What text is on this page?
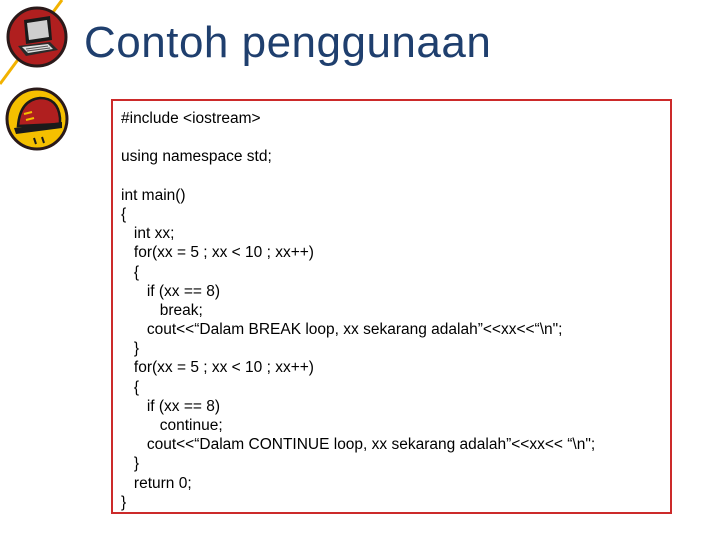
Contoh penggunaan
#include <iostream>
using namespace std;
int main()
{
int xx;
for(xx = 5 ; xx < 10 ; xx++)
{
if (xx == 8)
break;
cout<<“Dalam BREAK loop, xx sekarang adalah”<<xx<<“\n";
}
for(xx = 5 ; xx < 10 ; xx++)
{
if (xx == 8)
continue;
cout<<“Dalam CONTINUE loop, xx sekarang adalah”<<xx<< “\n";
}
return 0;
}
